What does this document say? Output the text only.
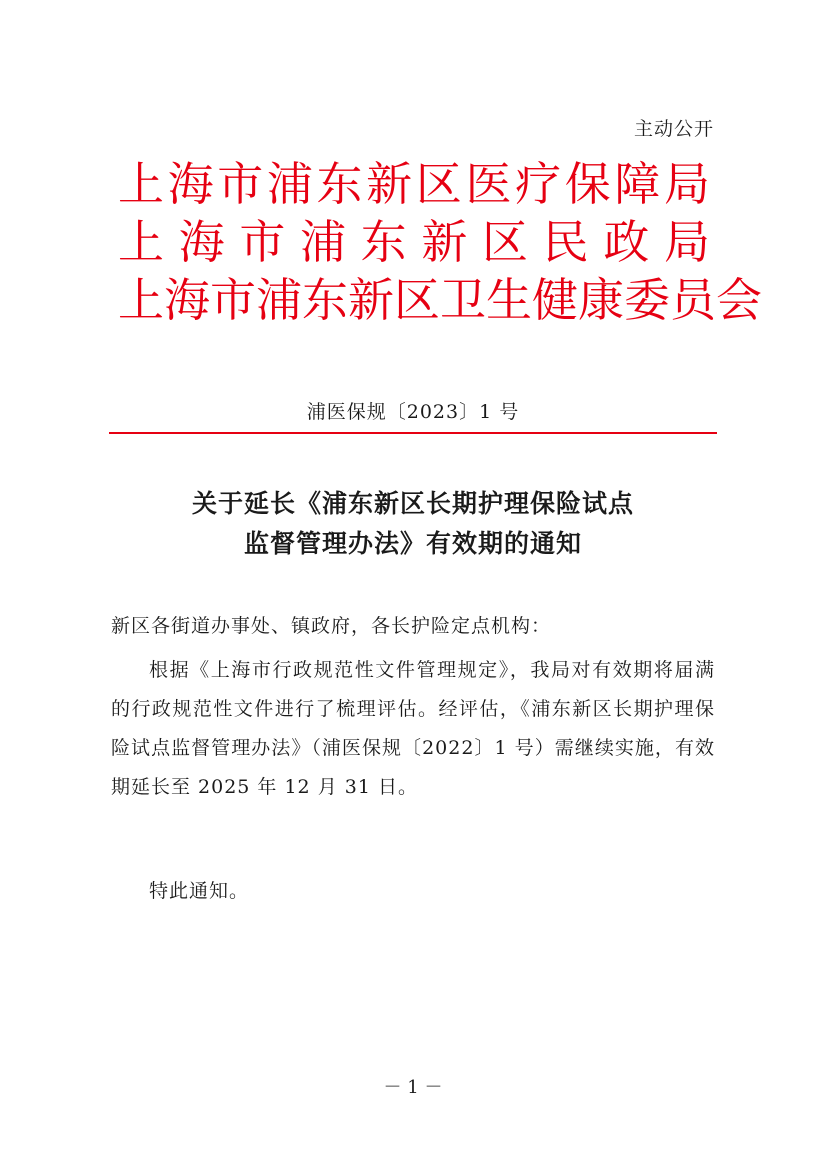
主动公开
上海市浦东新区医疗保障局
上海市浦东新区民政局
上海市浦东新区卫生健康委员会
浦医保规〔2023〕1 号
关于延长《浦东新区长期护理保险试点
监督管理办法》有效期的通知
新区各街道办事处、镇政府，各长护险定点机构：
根据《上海市行政规范性文件管理规定》，我局对有效期将届满的行政规范性文件进行了梳理评估。经评估，《浦东新区长期护理保险试点监督管理办法》（浦医保规〔2022〕1 号）需继续实施，有效期延长至 2025 年 12 月 31 日。
特此通知。
－ 1 －
